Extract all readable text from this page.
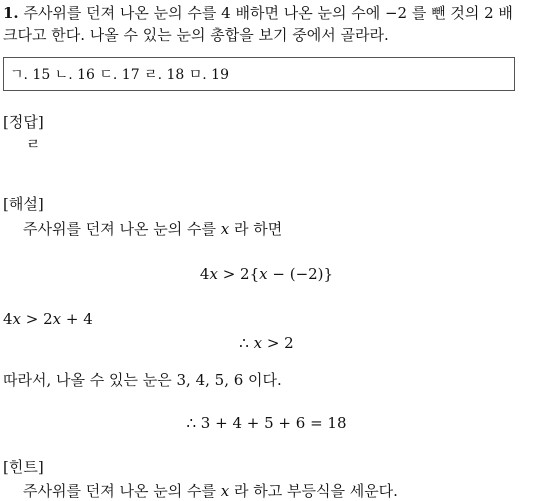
1. 주사위를 던져 나온 눈의 수를 4 배하면 나온 눈의 수에 −2 를 뺀 것의 2 배
크다고 한다. 나올 수 있는 눈의 총합을 보기 중에서 골라라.
ㄱ. 15 ㄴ. 16 ㄷ. 17 ㄹ. 18 ㅁ. 19
[정답]
ㄹ
[해설]
주사위를 던져 나온 눈의 수를 x 라 하면
4x > 2{x − (−2)}
4x > 2x + 4
∴ x > 2
따라서, 나올 수 있는 눈은 3, 4, 5, 6 이다.
∴ 3 + 4 + 5 + 6 = 18
[힌트]
주사위를 던져 나온 눈의 수를 x 라 하고 부등식을 세운다.
